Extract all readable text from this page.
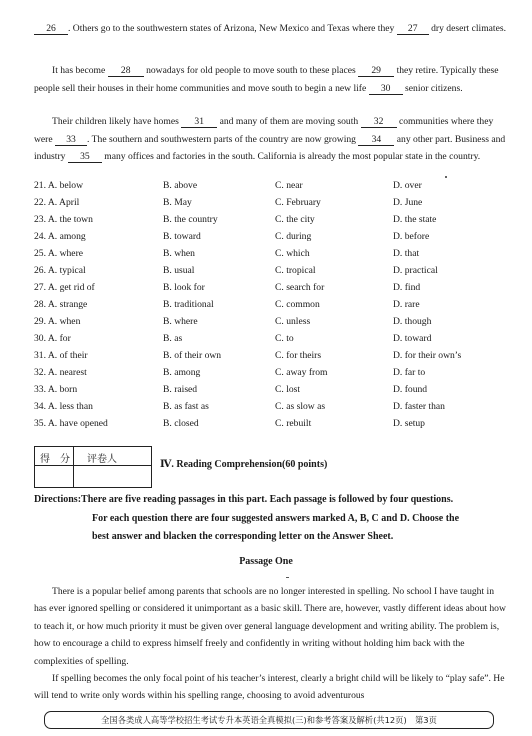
26 . Others go to the southwestern states of Arizona, New Mexico and Texas where they 27 dry desert climates.
It has become 28 nowadays for old people to move south to these places 29 they retire. Typically these people sell their houses in their home communities and move south to begin a new life 30 senior citizens.
Their children likely have homes 31 and many of them are moving south 32 communities where they were 33 . The southern and southwestern parts of the country are now growing 34 any other part. Business and industry 35 many offices and factories in the south. California is already the most popular state in the country.
21. A. below	B. above	C. near	D. over
22. A. April	B. May	C. February	D. June
23. A. the town	B. the country	C. the city	D. the state
24. A. among	B. toward	C. during	D. before
25. A. where	B. when	C. which	D. that
26. A. typical	B. usual	C. tropical	D. practical
27. A. get rid of	B. look for	C. search for	D. find
28. A. strange	B. traditional	C. common	D. rare
29. A. when	B. where	C. unless	D. though
30. A. for	B. as	C. to	D. toward
31. A. of their	B. of their own	C. for theirs	D. for their own’s
32. A. nearest	B. among	C. away from	D. far to
33. A. born	B. raised	C. lost	D. found
34. A. less than	B. as fast as	C. as slow as	D. faster than
35. A. have opened	B. closed	C. rebuilt	D. setup
得　分 评卷人	Ⅳ. Reading Comprehension(60 points)
Directions:There are five reading passages in this part. Each passage is followed by four questions.
For each question there are four suggested answers marked A, B, C and D. Choose the
best answer and blacken the corresponding letter on the Answer Sheet.
Passage One
There is a popular belief among parents that schools are no longer interested in spelling. No school I have taught in has ever ignored spelling or considered it unimportant as a basic skill. There are, however, vastly different ideas about how to teach it, or how much priority it must be given over general language development and writing ability. The problem is, how to encourage a child to express himself freely and confidently in writing without holding him back with the complexities of spelling.
If spelling becomes the only focal point of his teacher’s interest, clearly a bright child will be likely to “play safe”. He will tend to write only words within his spelling range, choosing to avoid adventurous
全国各类成人高等学校招生考试专升本英语全真模拟(三)和参考答案及解析(共12页)　第3页
